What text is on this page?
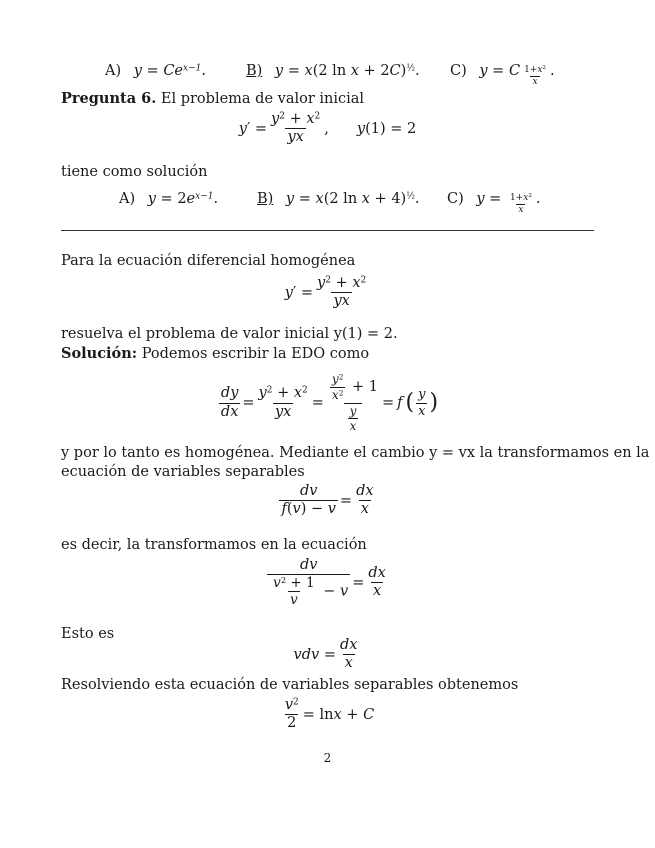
A) $y = Ce^{x-1}$.	B) y = x(2 ln x + 2C)$^{\frac{1}{2}}$. C) y = C $\frac{1+x^2}{x}$ .
Pregunta 6. El problema de valor inicial
y ′ = $\frac{y^2 + x^2}{yx}$ , y(1) = 2
tiene como solución
A) $y = 2e^{x-1}$.	B) y = x(2 ln x + 4)$^{\frac{1}{2}}$. C) $y = \frac{1+x^2}{x}$ .
Para la ecuación diferencial homogénea
y ′ = $\frac{y^2 + x^2}{yx}$
resuelva el problema de valor inicial y(1) = 2.
Solución: Podemos escribir la EDO como
$\frac{dy}{dx} = \frac{y^2 + x^2}{yx} = \frac{\frac{y^2}{x^2} + 1}{\frac{y}{x}} = f$ ( $\frac{y}{x}$ )
y por lo tanto es homogénea. Mediante el cambio y = vx la transformamos en la
ecuación de variables separables
$\frac{dv}{f(v) - v} = \frac{dx}{x}$
es decir, la transformamos en la ecuación
$\frac{dv}{\frac{v^2 + 1}{v} - v} = \frac{dx}{x}$
Esto es
vdv = $\frac{dx}{x}$
Resolviendo esta ecuación de variables separables obtenemos
$\frac{v^2}{2} = \ln x + C$
2
